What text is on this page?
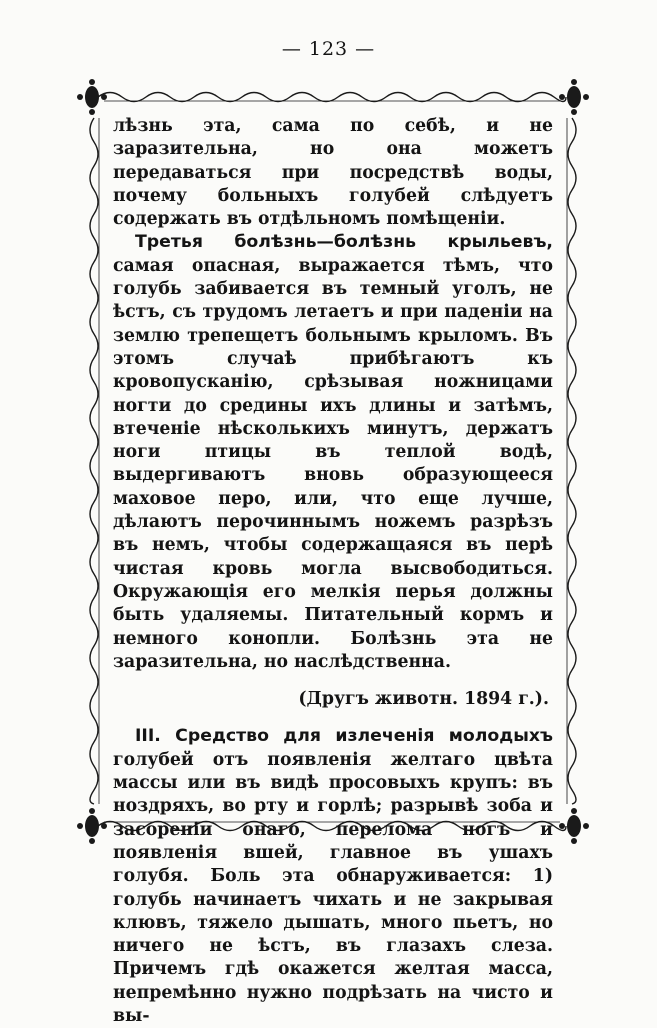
— 123 —

лѣзнь эта, сама по себѣ, и не заразительна, но она можетъ передаваться при посредствѣ воды, почему больныхъ голубей слѣдуетъ содержать въ отдѣльномъ помѣщеніи.

Третья болѣзнь—болѣзнь крыльевъ, самая опасная, выражается тѣмъ, что голубь забивается въ темный уголъ, не ѣстъ, съ трудомъ летаетъ и при паденіи на землю трепещетъ больнымъ крыломъ. Въ этомъ случаѣ прибѣгаютъ къ кровопусканію, срѣзывая ножницами ногти до средины ихъ длины и затѣмъ, втеченіе нѣсколькихъ минутъ, держатъ ноги птицы въ теплой водѣ, выдергиваютъ вновь образующееся маховое перо, или, что еще лучше, дѣлаютъ перочиннымъ ножемъ разрѣзъ въ немъ, чтобы содержащаяся въ перѣ чистая кровь могла высвободиться. Окружающія его мелкія перья должны быть удаляемы. Питательный кормъ и немного конопли. Болѣзнь эта не заразительна, но наслѣдственна.

(Другъ животн. 1894 г.).

III. Средство для излеченія молодыхъ голубей отъ появленія желтаго цвѣта массы или въ видѣ просовыхъ крупъ: въ ноздряхъ, во рту и горлѣ; разрывѣ зоба и засореніи онаго, перелома ногъ и появленія вшей, главное въ ушахъ голубя. Боль эта обнаруживается: 1) голубь начинаетъ чихать и не закрывая клювъ, тяжело дышать, много пьетъ, но ничего не ѣстъ, въ глазахъ слеза. Причемъ гдѣ окажется желтая масса, непремѣнно нужно подрѣзать на чисто и вы-
